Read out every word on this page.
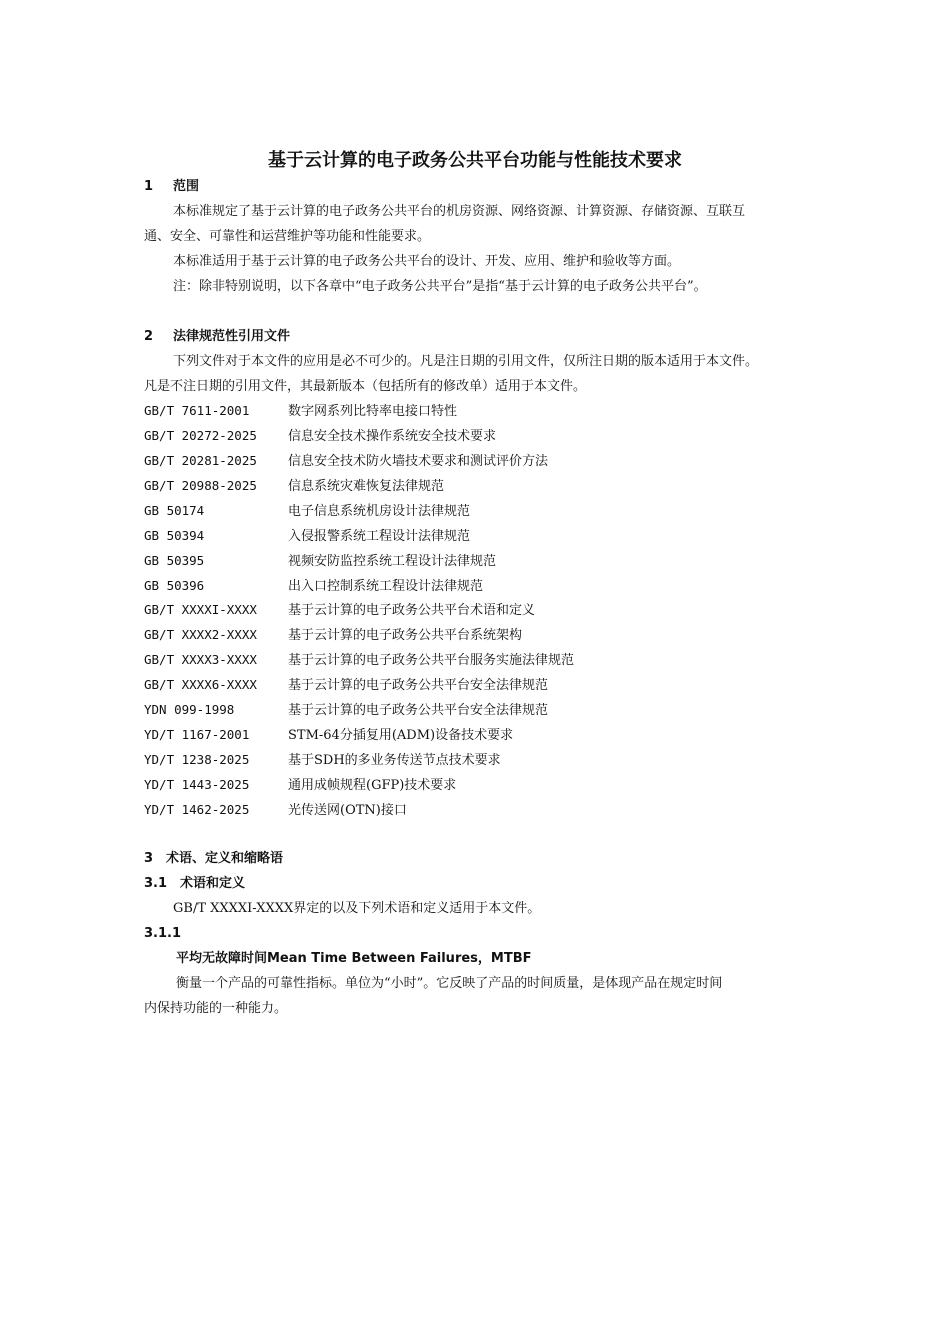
基于云计算的电子政务公共平台功能与性能技术要求
1 范围
本标准规定了基于云计算的电子政务公共平台的机房资源、网络资源、计算资源、存储资源、互联互
通、安全、可靠性和运营维护等功能和性能要求。
本标准适用于基于云计算的电子政务公共平台的设计、开发、应用、维护和验收等方面。
注：除非特别说明，以下各章中“电子政务公共平台”是指“基于云计算的电子政务公共平台”。
2 法律规范性引用文件
下列文件对于本文件的应用是必不可少的。凡是注日期的引用文件，仅所注日期的版本适用于本文件。
凡是不注日期的引用文件，其最新版本（包括所有的修改单）适用于本文件。
GB/T 7611-2001	数字网系列比特率电接口特性
GB/T 20272-2025 信息安全技术操作系统安全技术要求
GB/T 20281-2025 信息安全技术防火墙技术要求和测试评价方法
GB/T 20988-2025 信息系统灾难恢复法律规范
GB 50174	电子信息系统机房设计法律规范
GB 50394	入侵报警系统工程设计法律规范
GB 50395	视频安防监控系统工程设计法律规范
GB 50396	出入口控制系统工程设计法律规范
GB/T XXXXI-XXXX 基于云计算的电子政务公共平台术语和定义
GB/T XXXX2-XXXX 基于云计算的电子政务公共平台系统架构
GB/T XXXX3-XXXX 基于云计算的电子政务公共平台服务实施法律规范
GB/T XXXX6-XXXX 基于云计算的电子政务公共平台安全法律规范
YDN 099-1998	基于云计算的电子政务公共平台安全法律规范
YD/T 1167-2001	STM-64分插复用(ADM)设备技术要求
YD/T 1238-2025	基于SDH的多业务传送节点技术要求
YD/T 1443-2025	通用成帧规程(GFP)技术要求
YD/T 1462-2025	光传送网(OTN)接口
3 术语、定义和缩略语
3.1 术语和定义
GB/T XXXXI-XXXX界定的以及下列术语和定义适用于本文件。
3.1.1
平均无故障时间Mean Time Between Failures，MTBF
衡量一个产品的可靠性指标。单位为“小时”。它反映了产品的时间质量，是体现产品在规定时间
内保持功能的一种能力。
